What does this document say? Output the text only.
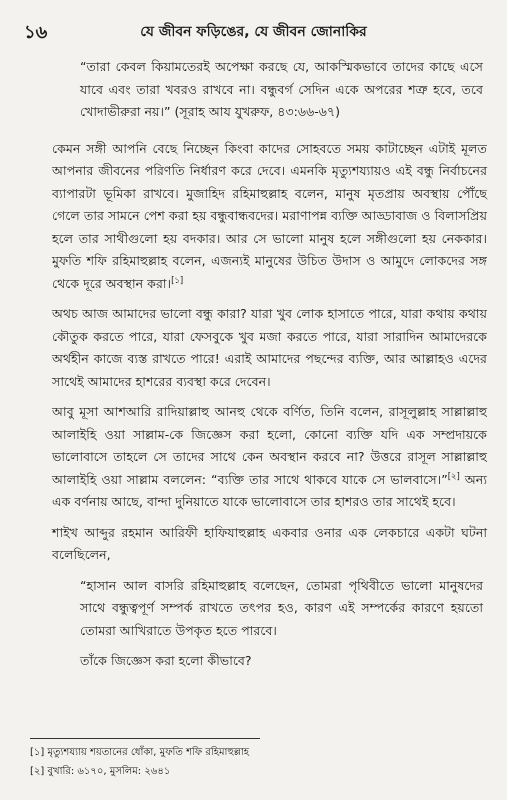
১৬	যে জীবন ফড়িঙের, যে জীবন জোনাকির

“তারা কেবল কিয়ামতেরই অপেক্ষা করছে যে, আকস্মিকভাবে তাদের কাছে এসে যাবে এবং তারা খবরও রাখবে না। বন্ধুবর্গ সেদিন একে অপরের শত্রু হবে, তবে খোদাভীরুরা নয়।” (সূরাহ আয যুখরুফ, ৪৩:৬৬-৬৭)

কেমন সঙ্গী আপনি বেছে নিচ্ছেন কিংবা কাদের সোহবতে সময় কাটাচ্ছেন এটাই মূলত আপনার জীবনের পরিণতি নির্ধারণ করে দেবে। এমনকি মৃত্যুশয্যায়ও এই বন্ধু নির্বাচনের ব্যাপারটা ভূমিকা রাখবে। মুজাহিদ রহিমাহুল্লাহ বলেন, মানুষ মৃতপ্রায় অবস্থায় পৌঁছে গেলে তার সামনে পেশ করা হয় বন্ধুবান্ধবদের। মরাণাপন্ন ব্যক্তি আড্ডাবাজ ও বিলাসপ্রিয় হলে তার সাথীগুলো হয় বদকার। আর সে ভালো মানুষ হলে সঙ্গীগুলো হয় নেককার। মুফতি শফি রহিমাহুল্লাহ বলেন, এজন্যই মানুষের উচিত উদাস ও আমুদে লোকদের সঙ্গ থেকে দূরে অবস্থান করা।[১]

অথচ আজ আমাদের ভালো বন্ধু কারা? যারা খুব লোক হাসাতে পারে, যারা কথায় কথায় কৌতুক করতে পারে, যারা ফেসবুকে খুব মজা করতে পারে, যারা সারাদিন আমাদেরকে অর্থহীন কাজে ব্যস্ত রাখতে পারে! এরাই আমাদের পছন্দের ব্যক্তি, আর আল্লাহও এদের সাথেই আমাদের হাশরের ব্যবস্থা করে দেবেন।

আবু মূসা আশআরি রাদিয়াল্লাহু আনহু থেকে বর্ণিত, তিনি বলেন, রাসূলুল্লাহ সাল্লাল্লাহু আলাইহি ওয়া সাল্লাম-কে জিজ্ঞেস করা হলো, কোনো ব্যক্তি যদি এক সম্প্রদায়কে ভালোবাসে তাহলে সে তাদের সাথে কেন অবস্থান করবে না? উত্তরে রাসূল সাল্লাল্লাহু আলাইহি ওয়া সাল্লাম বললেন: “ব্যক্তি তার সাথে থাকবে যাকে সে ভালবাসে।”[২] অন্য এক বর্ণনায় আছে, বান্দা দুনিয়াতে যাকে ভালোবাসে তার হাশরও তার সাথেই হবে।

শাইখ আব্দুর রহমান আরিফী হাফিযাহুল্লাহ একবার ওনার এক লেকচারে একটা ঘটনা বলেছিলেন,

“হাসান আল বাসরি রহিমাহুল্লাহ বলেছেন, তোমরা পৃথিবীতে ভালো মানুষদের সাথে বন্ধুত্বপূর্ণ সম্পর্ক রাখতে তৎপর হও, কারণ এই সম্পর্কের কারণে হয়তো তোমরা আখিরাতে উপকৃত হতে পারবে।

তাঁকে জিজ্ঞেস করা হলো কীভাবে?

[১] মৃত্যুশয্যায় শয়তানের ধোঁকা, মুফতি শফি রহিমাহুল্লাহ

[২] বুখারি: ৬১৭০, মুসলিম: ২৬৪১
